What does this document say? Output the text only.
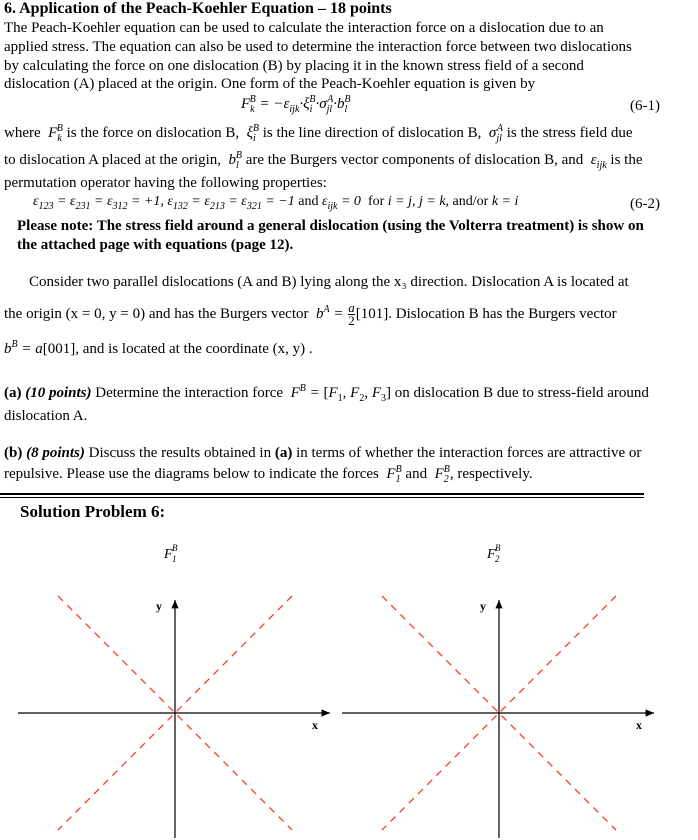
6. Application of the Peach-Koehler Equation – 18 points
The Peach-Koehler equation can be used to calculate the interaction force on a dislocation due to an
applied stress. The equation can also be used to determine the interaction force between two dislocations
by calculating the force on one dislocation (B) by placing it in the known stress field of a second
dislocation (A) placed at the origin. One form of the Peach-Koehler equation is given by
$F_k^B = -\varepsilon_{ijk}\cdot\xi_i^B\cdot\sigma_{jl}^A\cdot b_l^B$	(6-1)
where  $F_k^B$ is the force on dislocation B,  $\xi_i^B$ is the line direction of dislocation B,  $\sigma_{jl}^A$ is the stress field due
to dislocation A placed at the origin,  $b_l^B$ are the Burgers vector components of dislocation B, and  $\varepsilon_{ijk}$ is the
permutation operator having the following properties:
$\varepsilon_{123} = \varepsilon_{231} = \varepsilon_{312} = +1$, $\varepsilon_{132} = \varepsilon_{213} = \varepsilon_{321} = -1$ and $\varepsilon_{ijk} = 0$  for i = j, j = k, and/or k = i	(6-2)
Please note: The stress field around a general dislocation (using the Volterra treatment) is show on
the attached page with equations (page 12).
Consider two parallel dislocations (A and B) lying along the x₃ direction. Dislocation A is located at
the origin (x = 0, y = 0) and has the Burgers vector  $b^A = \frac{a}{2} [101]$. Dislocation B has the Burgers vector
$b^B = a[001]$, and is located at the coordinate (x, y) .
(a) (10 points) Determine the interaction force  $F^B = [F_1$, $F_2$, $F_3$] on dislocation B due to stress-field around
dislocation A.
(b) (8 points) Discuss the results obtained in (a) in terms of whether the interaction forces are attractive or
repulsive. Please use the diagrams below to indicate the forces  $F_1^B$ and  $F_2^B$, respectively.
Solution Problem 6:
F 1
B
y
x
F 2
B
y
x
